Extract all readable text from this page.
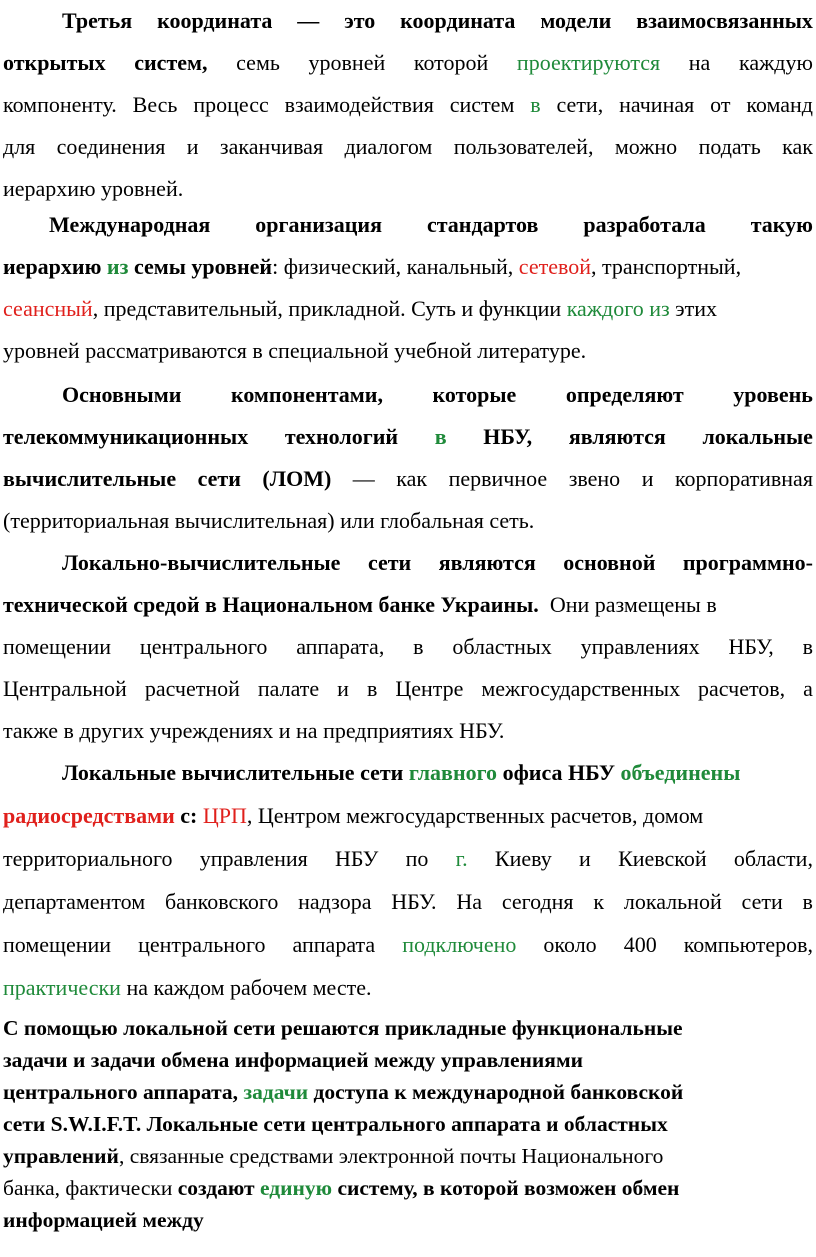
Третья координата — это координата модели взаимосвязанных
открытых систем, семь уровней которой проектируются на каждую
компоненту. Весь процесс взаимодействия систем в сети, начиная от команд
для соединения и заканчивая диалогом пользователей, можно подать как
иерархию уровней.
Международная организация стандартов разработала такую
иерархию из семы уровней: физический, канальный, сетевой, транспортный,
сеансный, представительный, прикладной. Суть и функции каждого из этих
уровней рассматриваются в специальной учебной литературе.
Основными компонентами, которые определяют уровень
телекоммуникационных технологий в НБУ, являются локальные
вычислительные сети (ЛОМ) — как первичное звено и корпоративная
(территориальная вычислительная) или глобальная сеть.
Локально-вычислительные сети являются основной программно-
технической средой в Национальном банке Украины.  Они размещены в
помещении центрального аппарата, в областных управлениях НБУ, в
Центральной расчетной палате и в Центре межгосударственных расчетов, а
также в других учреждениях и на предприятиях НБУ.
Локальные вычислительные сети главного офиса НБУ объединены
радиосредствами с: ЦРП, Центром межгосударственных расчетов, домом
территориального управления НБУ по г. Киеву и Киевской области,
департаментом банковского надзора НБУ. На сегодня к локальной сети в
помещении центрального аппарата подключено около 400 компьютеров,
практически на каждом рабочем месте.
С помощью локальной сети решаются прикладные функциональные
задачи и задачи обмена информацией между управлениями
центрального аппарата, задачи доступа к международной банковской
сети S.W.I.F.T. Локальные сети центрального аппарата и областных
управлений, связанные средствами электронной почты Национального
банка, фактически создают единую систему, в которой возможен обмен
информацией между
